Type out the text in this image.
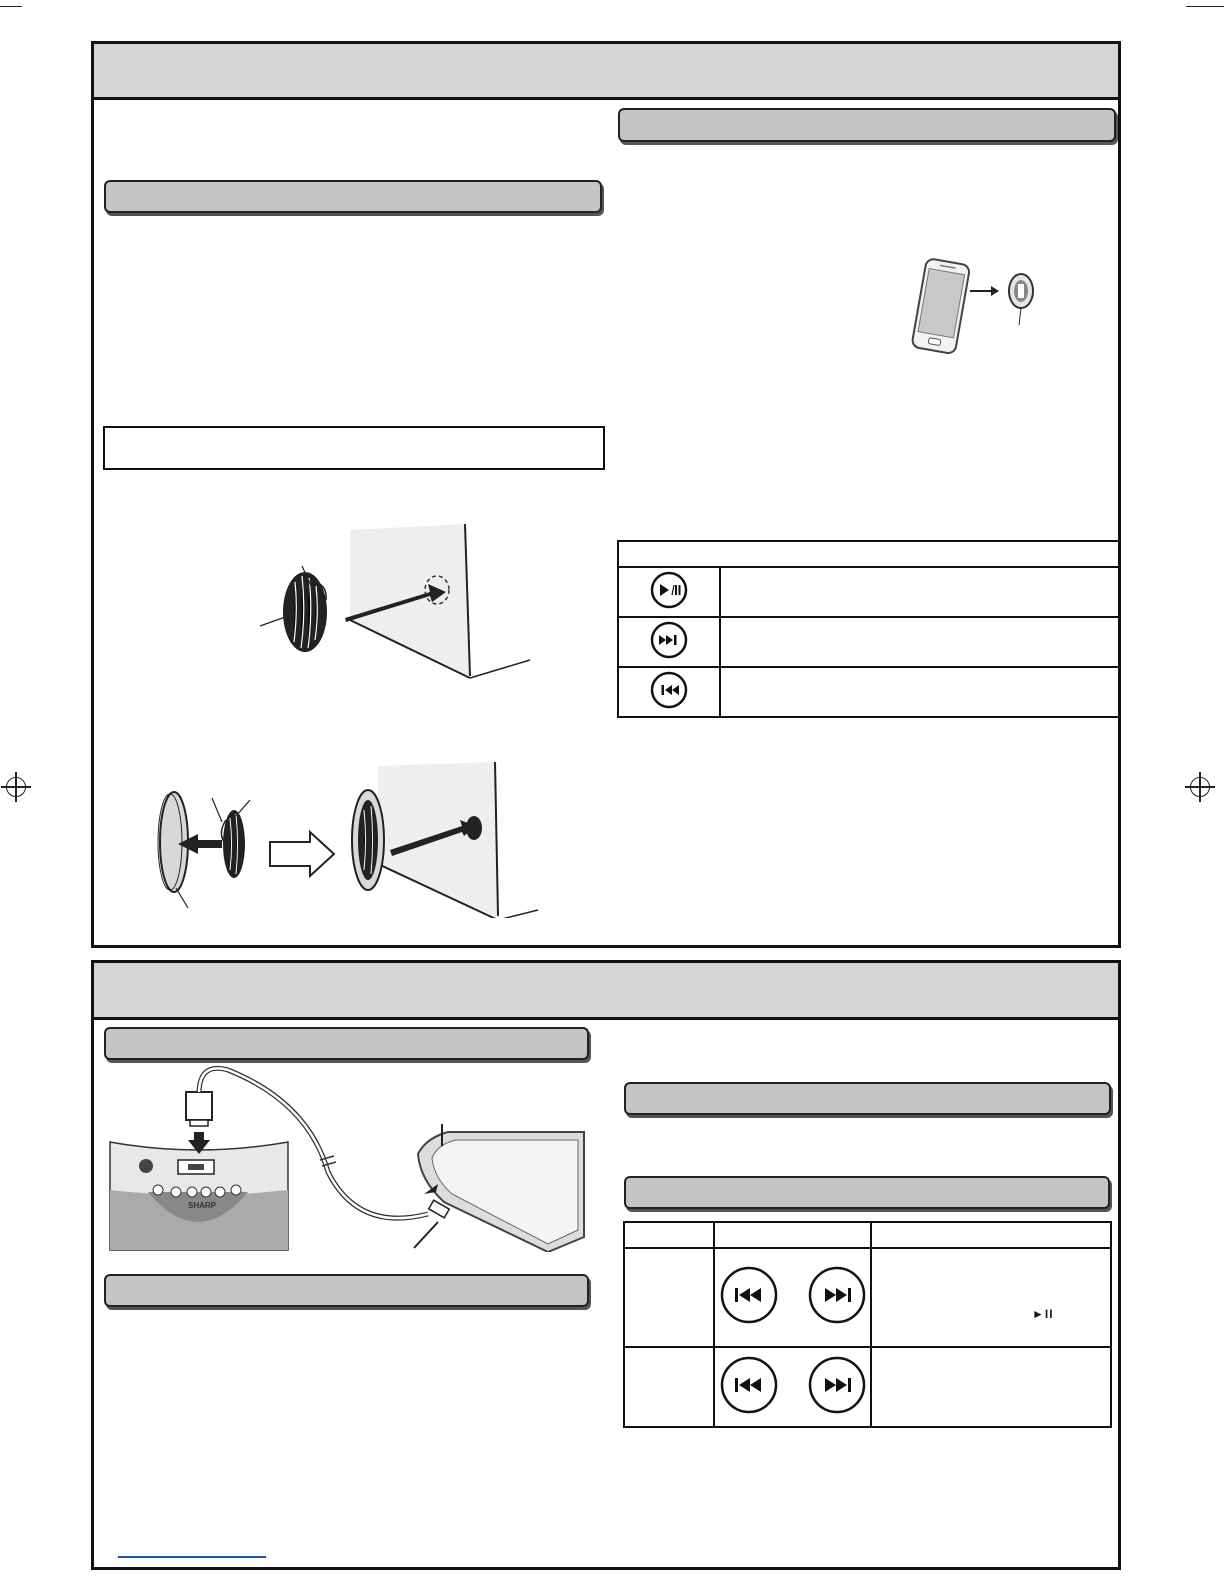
SHARP

►II
